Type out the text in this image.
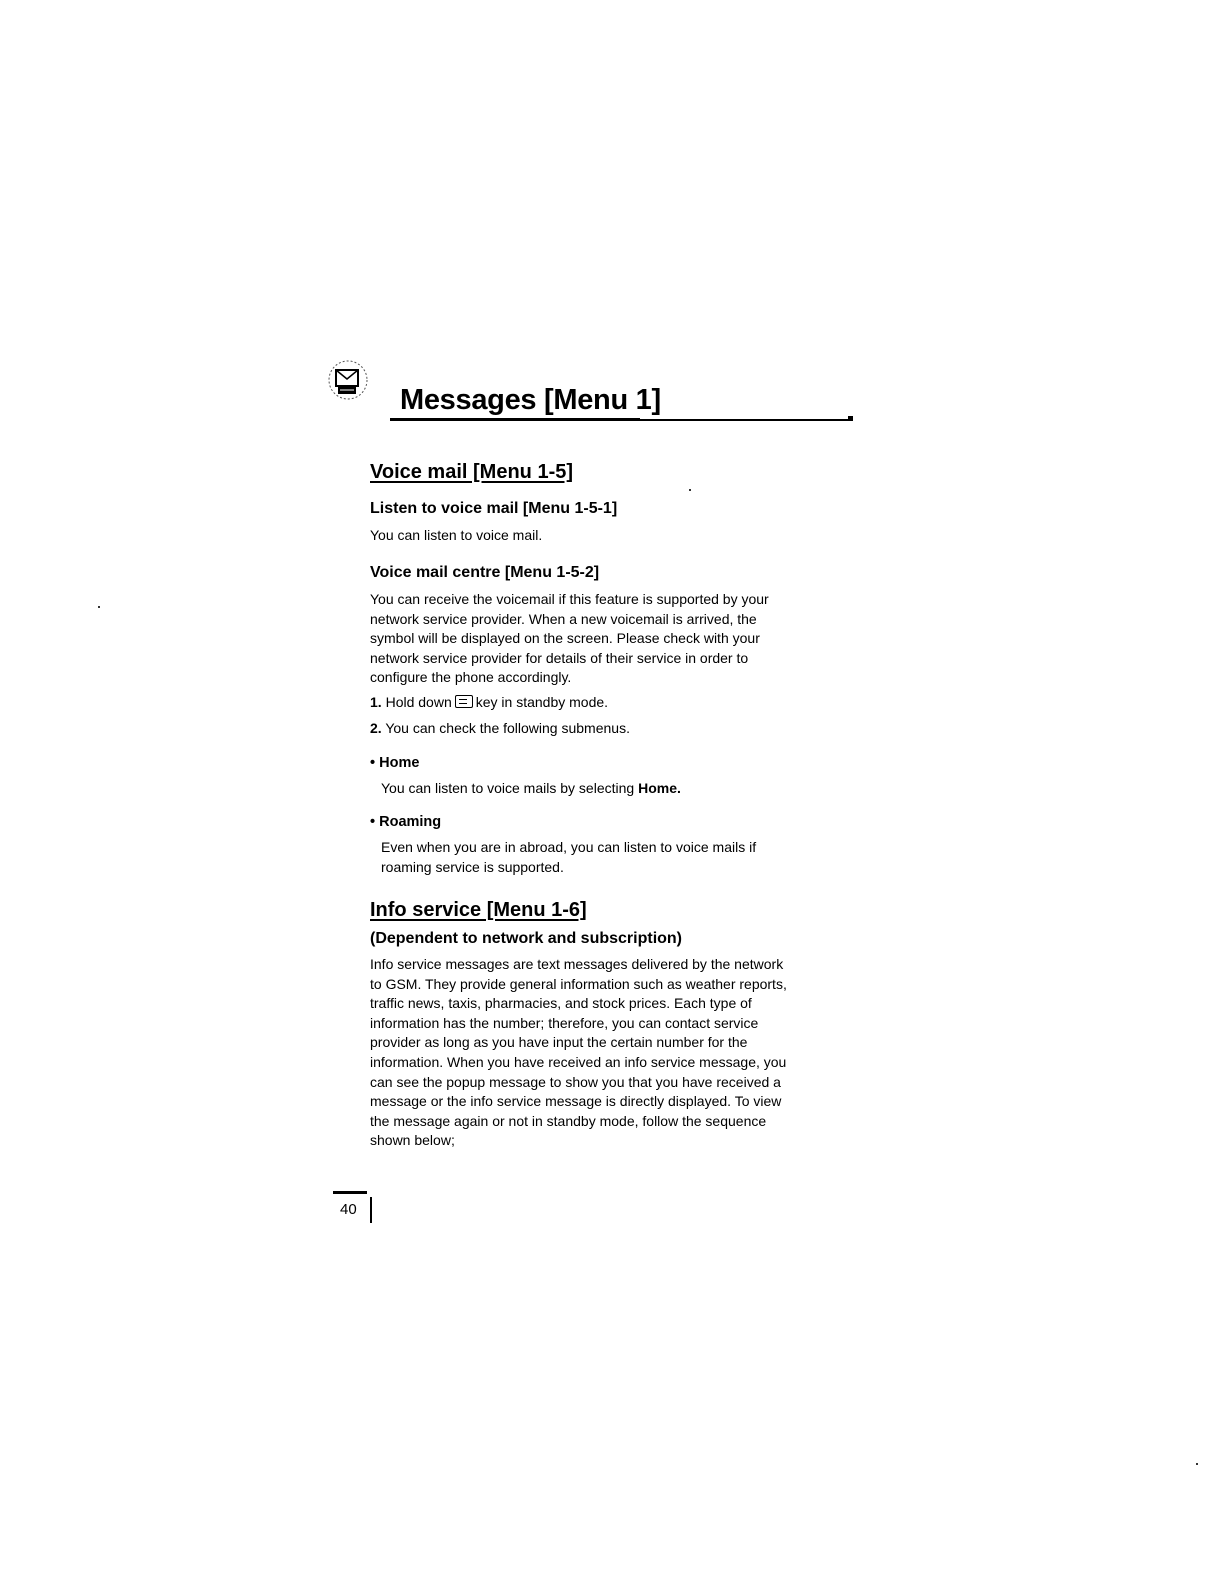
Messages [Menu 1]
Voice mail [Menu 1-5]
Listen to voice mail [Menu 1-5-1]
You can listen to voice mail.
Voice mail centre [Menu 1-5-2]
You can receive the voicemail if this feature is supported by your
network service provider. When a new voicemail is arrived, the
symbol will be displayed on the screen. Please check with your
network service provider for details of their service in order to
configure the phone accordingly.
1. Hold down key in standby mode.
2. You can check the following submenus.
• Home
You can listen to voice mails by selecting Home.
• Roaming
Even when you are in abroad, you can listen to voice mails if
roaming service is supported.
Info service [Menu 1-6]
(Dependent to network and subscription)
Info service messages are text messages delivered by the network
to GSM. They provide general information such as weather reports,
traffic news, taxis, pharmacies, and stock prices. Each type of
information has the number; therefore, you can contact service
provider as long as you have input the certain number for the
information. When you have received an info service message, you
can see the popup message to show you that you have received a
message or the info service message is directly displayed. To view
the message again or not in standby mode, follow the sequence
shown below;
40
